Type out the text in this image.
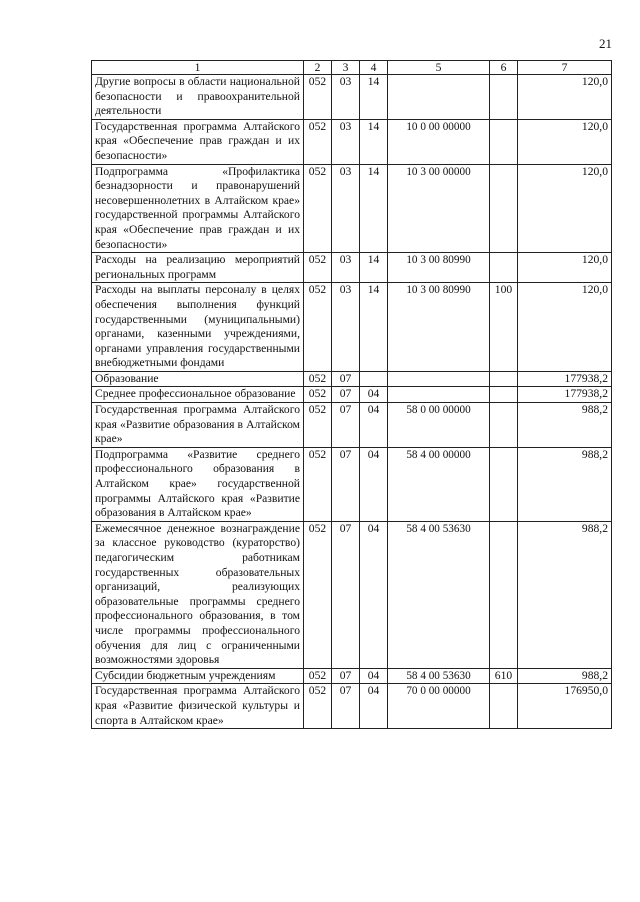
21
1	2	3	4	5	6	7
Другие вопросы в области национальной безопасности и правоохранительной деятельности	052	03	14			120,0
Государственная программа Алтайского края «Обеспечение прав граждан и их безопасности»	052	03	14	10 0 00 00000		120,0
Подпрограмма «Профилактика безнадзорности и правонарушений несовершеннолетних в Алтайском крае» государственной программы Алтайского края «Обеспечение прав граждан и их безопасности»	052	03	14	10 3 00 00000		120,0
Расходы на реализацию мероприятий региональных программ	052	03	14	10 3 00 80990		120,0
Расходы на выплаты персоналу в целях обеспечения выполнения функций государственными (муниципальными) органами, казенными учреждениями, органами управления государственными внебюджетными фондами	052	03	14	10 3 00 80990	100	120,0
Образование	052	07				177938,2
Среднее профессиональное образование	052	07	04			177938,2
Государственная программа Алтайского края «Развитие образования в Алтайском крае»	052	07	04	58 0 00 00000		988,2
Подпрограмма «Развитие среднего профессионального образования в Алтайском крае» государственной программы Алтайского края «Развитие образования в Алтайском крае»	052	07	04	58 4 00 00000		988,2
Ежемесячное денежное вознаграждение за классное руководство (кураторство) педагогическим работникам государственных образовательных организаций, реализующих образовательные программы среднего профессионального образования, в том числе программы профессионального обучения для лиц с ограниченными возможностями здоровья	052	07	04	58 4 00 53630		988,2
Субсидии бюджетным учреждениям	052	07	04	58 4 00 53630	610	988,2
Государственная программа Алтайского края «Развитие физической культуры и спорта в Алтайском крае»	052	07	04	70 0 00 00000		176950,0
